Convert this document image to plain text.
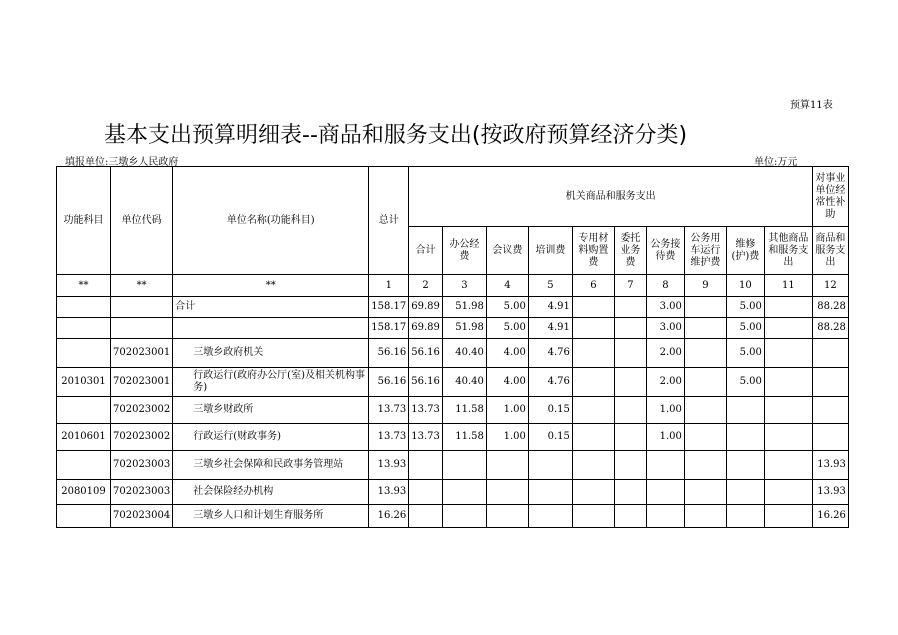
预算11表
基本支出预算明细表--商品和服务支出(按政府预算经济分类)
填报单位:三墩乡人民政府	单位:万元
功能科目	单位代码	单位名称(功能科目)	总计	机关商品和服务支出										对事业单位经常性补助
				合计	办公经费	会议费	培训费	专用材料购置费	委托业务费	公务接待费	公务用车运行维护费	维修(护)费	其他商品和服务支出	商品和服务支出
**	**	**	1	2	3	4	5	6	7	8	9	10	11	12
		合计	158.17	69.89	51.98	5.00	4.91			3.00		5.00		88.28
			158.17	69.89	51.98	5.00	4.91			3.00		5.00		88.28
	702023001	三墩乡政府机关	56.16	56.16	40.40	4.00	4.76			2.00		5.00		
2010301	702023001	行政运行(政府办公厅(室)及相关机构事务)	56.16	56.16	40.40	4.00	4.76			2.00		5.00		
	702023002	三墩乡财政所	13.73	13.73	11.58	1.00	0.15			1.00				
2010601	702023002	行政运行(财政事务)	13.73	13.73	11.58	1.00	0.15			1.00				
	702023003	三墩乡社会保障和民政事务管理站	13.93											13.93
2080109	702023003	社会保险经办机构	13.93											13.93
	702023004	三墩乡人口和计划生育服务所	16.26											16.26
